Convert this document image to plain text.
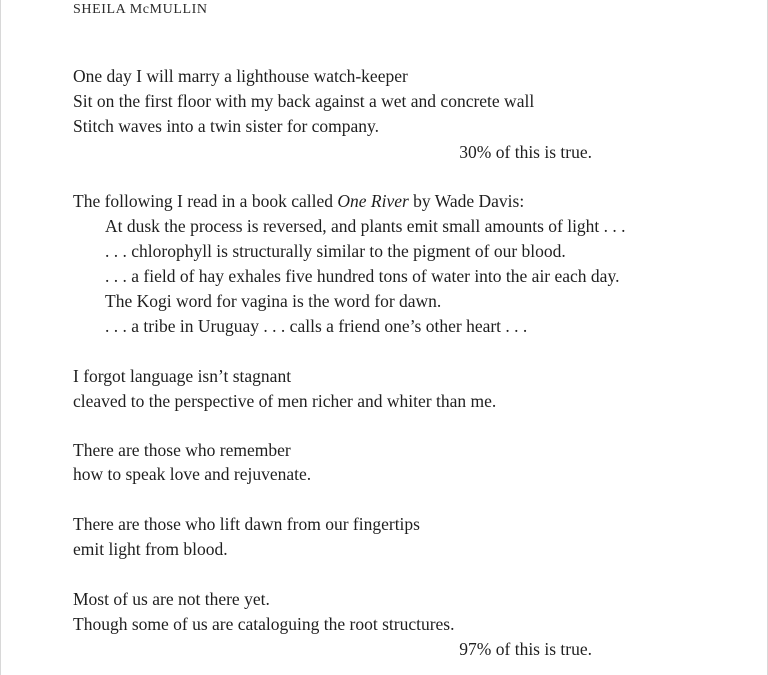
SHEILA McMULLIN
One day I will marry a lighthouse watch-keeper
Sit on the first floor with my back against a wet and concrete wall
Stitch waves into a twin sister for company.
30% of this is true.
The following I read in a book called One River by Wade Davis:
At dusk the process is reversed, and plants emit small amounts of light . . .
. . . chlorophyll is structurally similar to the pigment of our blood.
. . . a field of hay exhales five hundred tons of water into the air each day.
The Kogi word for vagina is the word for dawn.
. . . a tribe in Uruguay . . . calls a friend one’s other heart . . .
I forgot language isn’t stagnant
cleaved to the perspective of men richer and whiter than me.
There are those who remember
how to speak love and rejuvenate.
There are those who lift dawn from our fingertips
emit light from blood.
Most of us are not there yet.
Though some of us are cataloguing the root structures.
97% of this is true.
